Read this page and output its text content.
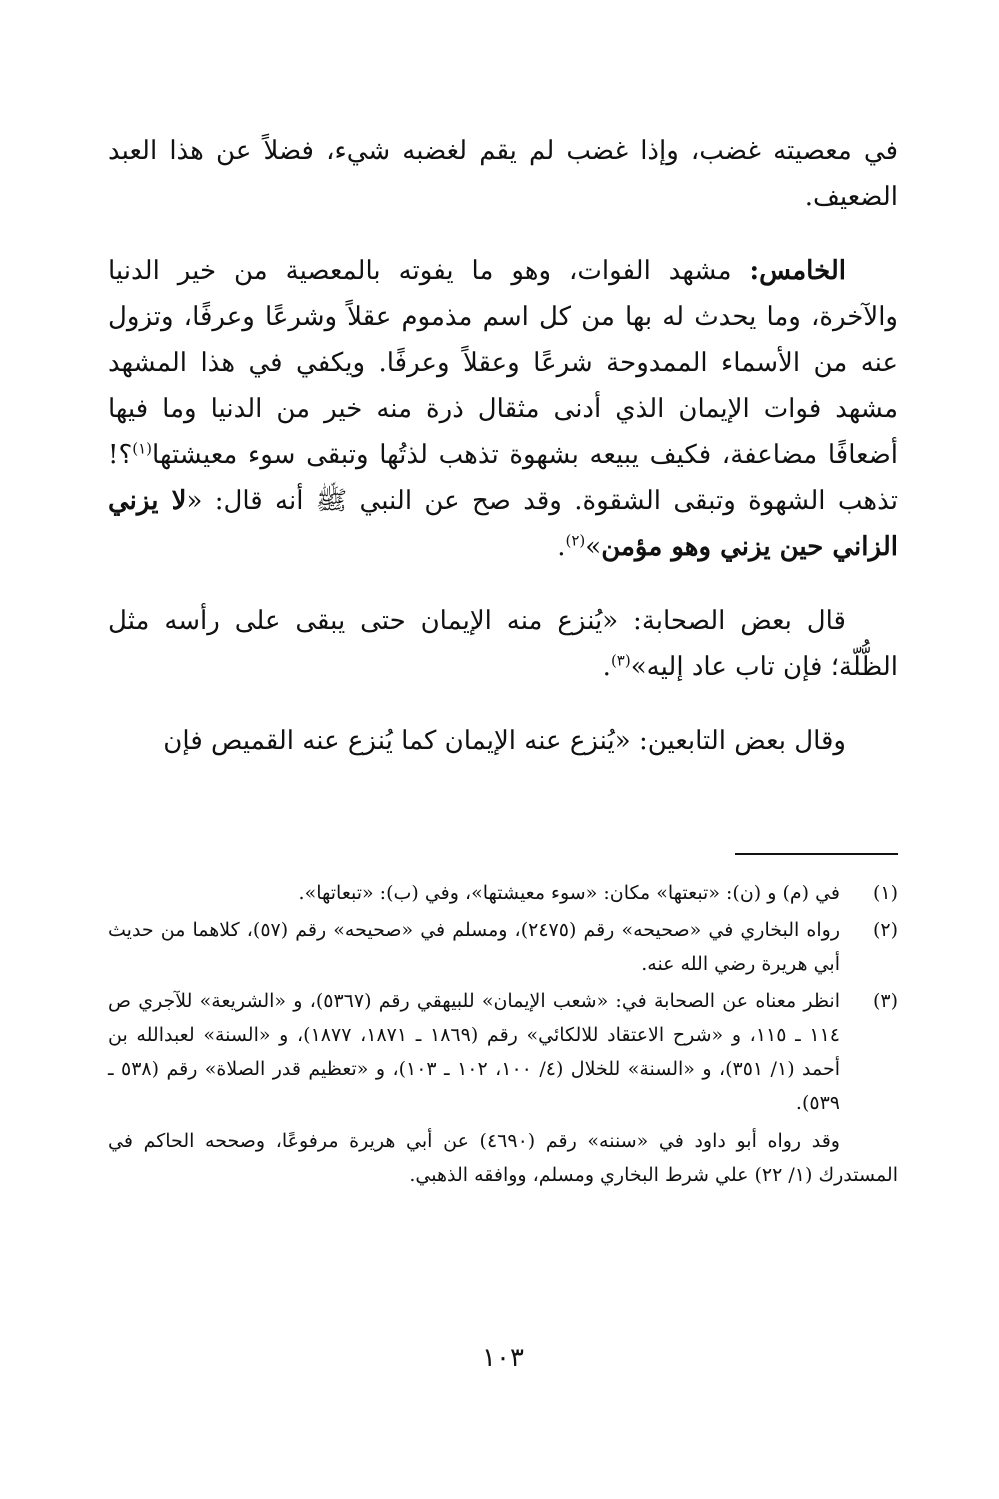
في معصيته غضب، وإذا غضب لم يقم لغضبه شيء، فضلاً عن هذا العبد الضعيف.

الخامس: مشهد الفوات، وهو ما يفوته بالمعصية من خير الدنيا والآخرة، وما يحدث له بها من كل اسم مذموم عقلاً وشرعًا وعرفًا، وتزول عنه من الأسماء الممدوحة شرعًا وعقلاً وعرفًا. ويكفي في هذا المشهد مشهد فوات الإيمان الذي أدنى مثقال ذرة منه خير من الدنيا وما فيها أضعافًا مضاعفة، فكيف يبيعه بشهوة تذهب لذتُها وتبقى سوء معيشتها$^{(١)}$؟! تذهب الشهوة وتبقى الشقوة. وقد صح عن النبي ﷺ أنه قال: «لا يزني الزاني حين يزني وهو مؤمن»$^{(٢)}$.

قال بعض الصحابة: «يُنزع منه الإيمان حتى يبقى على رأسه مثل الظُّلّة؛ فإن تاب عاد إليه»$^{(٣)}$.

وقال بعض التابعين: «يُنزع عنه الإيمان كما يُنزع عنه القميص فإن

(١)
في (م) و (ن): «تبعتها» مكان: «سوء معيشتها»، وفي (ب): «تبعاتها».

(٢)
رواه البخاري في «صحيحه» رقم (٢٤٧٥)، ومسلم في «صحيحه» رقم (٥٧)، كلاهما من حديث أبي هريرة رضي الله عنه.

(٣)
انظر معناه عن الصحابة في: «شعب الإيمان» للبيهقي رقم (٥٣٦٧)، و «الشريعة» للآجري ص ١١٤ ـ ١١٥، و «شرح الاعتقاد للالكائي» رقم (١٨٦٩ ـ ١٨٧١، ١٨٧٧)، و «السنة» لعبدالله بن أحمد (١/ ٣٥١)، و «السنة» للخلال (٤/ ١٠٠، ١٠٢ ـ ١٠٣)، و «تعظيم قدر الصلاة» رقم (٥٣٨ ـ ٥٣٩).

وقد رواه أبو داود في «سننه» رقم (٤٦٩٠) عن أبي هريرة مرفوعًا، وصححه الحاكم في المستدرك (١/ ٢٢) علي شرط البخاري ومسلم، ووافقه الذهبي.

١٠٣
